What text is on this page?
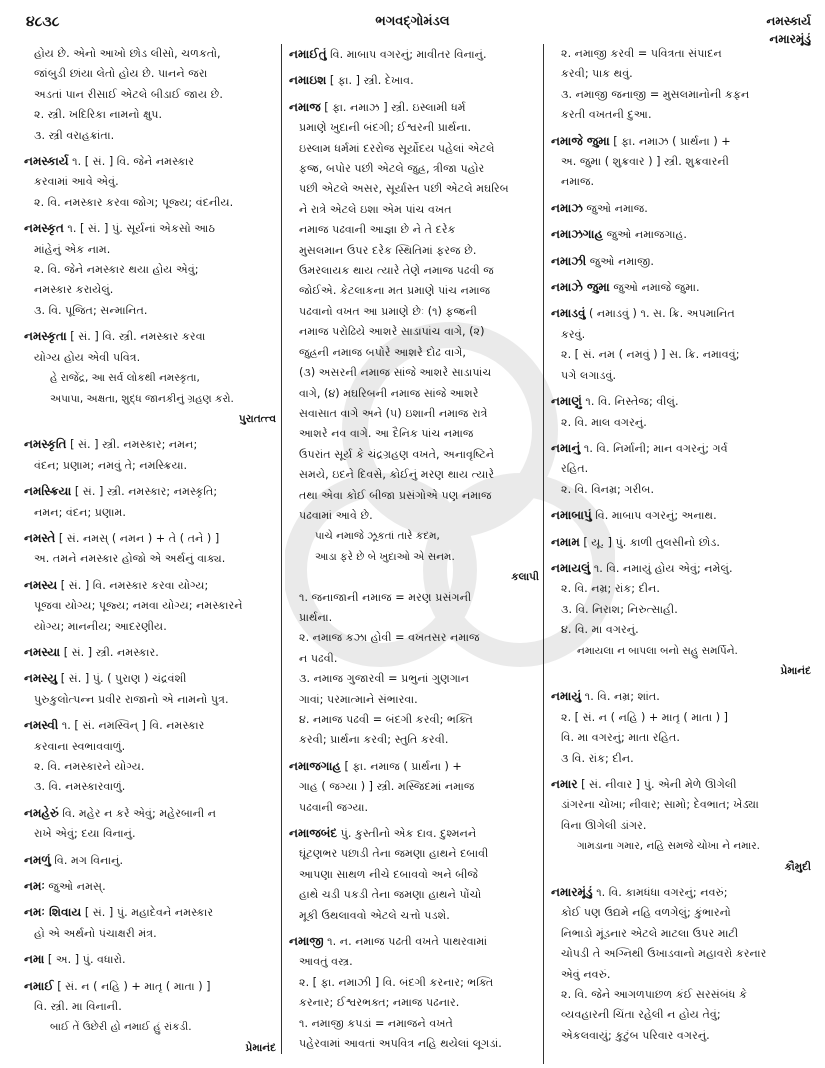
૪૮૩૮	ભગવદ્ગોમંડલ	નમસ્કાર્ય
નમારમૂંડું
હોય છે. એનો આખો છોડ લીસો, ચળકતો,
જાંબુડી છાંયા લેતો હોય છે. પાનને જરા
અડતાં પાન રીસાઈ એટલે બીડાઈ જાય છે.
૨. સ્ત્રી. ખદિરિકા નામનો ક્ષુપ.
૩. સ્ત્રી વરાહક્રાંતા.
નમસ્કાર્ય ૧. [ સં. ] વિ. જેને નમસ્કાર
કરવામાં આવે એવું.
૨. વિ. નમસ્કાર કરવા જોગ; પૂજ્ય; વંદનીય.
નમસ્કૃત ૧. [ સં. ] પું. સૂર્યનાં એકસો આઠ
માંહેનું એક નામ.
૨. વિ. જેને નમસ્કાર થયા હોય એવું;
નમસ્કાર કરાયેલું.
૩. વિ. પૂજિત; સન્માનિત.
નમસ્કૃતા [ સં. ] વિ. સ્ત્રી. નમસ્કાર કરવા
યોગ્ય હોય એવી પવિત્ર.
હે રાજેંદ્ર, આ સર્વ લોકથી નમસ્કૃતા,
અપાપા, અક્ષતા, શુદ્ધ જાનકીનું ગ્રહણ કરો.
પુરાતત્ત્વ
નમસ્કૃતિ [ સં. ] સ્ત્રી. નમસ્કાર; નમન;
વંદન; પ્રણામ; નમવું તે; નમસ્ક્રિયા.
નમસ્ક્રિયા [ સં. ] સ્ત્રી. નમસ્કાર; નમસ્કૃતિ;
નમન; વંદન; પ્રણામ.
નમસ્તે [ સં. નમસ્ ( નમન ) + તે ( તને ) ]
અ. તમને નમસ્કાર હોજો એ અર્થનું વાક્ય.
નમસ્ય [ સં. ] વિ. નમસ્કાર કરવા યોગ્ય;
પૂજવા યોગ્ય; પૂજ્ય; નમવા યોગ્ય; નમસ્કારને
યોગ્ય; માનનીય; આદરણીય.
નમસ્યા [ સં. ] સ્ત્રી. નમસ્કાર.
નમસ્યુ [ સં. ] પું. ( પુરાણ ) ચંદ્રવંશી
પુરુકુલોત્પન્ન પ્રવીર રાજાનો એ નામનો પુત્ર.
નમસ્વી ૧. [ સં. નમસ્વિન્ ] વિ. નમસ્કાર
કરવાના સ્વભાવવાળું.
૨. વિ. નમસ્કારને યોગ્ય.
૩. વિ. નમસ્કારવાળું.
નમહેરું વિ. મહેર ન કરે એવું; મહેરબાની ન
રાખે એવું; દયા વિનાનું.
નમળું વિ. મગ વિનાનું.
નમઃ જુઓ નમસ્.
નમઃ શિવાય [ સં. ] પું. મહાદેવને નમસ્કાર
હો એ અર્થનો પંચાક્ષરી મંત્ર.
નમા [ અ. ] પું. વધારો.
નમાઈ [ સં. ન ( નહિ ) + માતૃ ( માતા ) ]
વિ. સ્ત્રી. મા વિનાની.
બાઈ તેં ઉછેરી હો નમાઈ હું રાંકડી.
પ્રેમાનંદ
નમાઈતું વિ. માબાપ વગરનું; માવીતર વિનાનું.
નમાઇશ [ ફા. ] સ્ત્રી. દેખાવ.
નમાજ [ ફા. નમાઝ ] સ્ત્રી. ઇસ્લામી ધર્મ
પ્રમાણે ખુદાની બંદગી; ઈશ્વરની પ્રાર્થના.
ઇસ્લામ ધર્મમાં દરરોજ સૂર્યોદય પહેલાં એટલે
ફજ્ર, બપોર પછી એટલે જુહ્ર, ત્રીજા પહોર
પછી એટલે અસર, સૂર્યાસ્ત પછી એટલે મઘરિબ
ને રાત્રે એટલે ઇશા એમ પાંચ વખત
નમાજ પઢવાની આજ્ઞા છે ને તે દરેક
મુસલમાન ઉપર દરેક સ્થિતિમાં ફરજ છે.
ઉમરલાયક થાય ત્યારે તેણે નમાજ પઢવી જ
જોઈએ. કેટલાકના મત પ્રમાણે પાંચ નમાજ
પઢવાનો વખત આ પ્રમાણે છેઃ (૧) ફજ્રની
નમાજ પરોઢિયે આશરે સાડાપાંચ વાગે, (૨)
જુહ્રની નમાજ બપોરે આશરે દોઢ વાગે,
(૩) અસરની નમાજ સાંજે આશરે સાડાપાંચ
વાગે, (૪) મઘરિબની નમાજ સાંજે આશરે
સવાસાત વાગે અને (૫) ઇશાની નમાજ રાત્રે
આશરે નવ વાગે. આ દૈનિક પાંચ નમાજ
ઉપરાંત સૂર્ય કે ચંદ્રગ્રહણ વખતે, અનાવૃષ્ટિને
સમયે, ઇદને દિવસે, કોઈનું મરણ થાય ત્યારે
તથા એવા કોઈ બીજા પ્રસંગોએ પણ નમાજ
પઢવામાં આવે છે.
પાચે નમાજે ઝૂકતાં તારે કદમ,
આડા ફરે છે બે ખુદાઓ એ સનમ.
કલાપી
૧. જનાજાની નમાજ = મરણ પ્રસંગની
પ્રાર્થના.
૨. નમાજ કઝા હોવી = વખતસર નમાજ
ન પઢવી.
૩. નમાજ ગુજારવી = પ્રભુનાં ગુણગાન
ગાવાં; પરમાત્માને સંભારવા.
૪. નમાજ પઢવી = બંદગી કરવી; ભક્તિ
કરવી; પ્રાર્થના કરવી; સ્તુતિ કરવી.
નમાજગાહ [ ફા. નમાજ ( પ્રાર્થના ) +
ગાહ ( જગ્યા ) ] સ્ત્રી. મસ્જિદમાં નમાજ
પઢવાની જગ્યા.
નમાજબંદ પું. કુસ્તીનો એક દાવ. દુશ્મનને
ઘૂંટણભર પછાડી તેના જમણા હાથને દબાવી
આપણા સાથળ નીચે દબાવવો અને બીજે
હાથે ચડી પકડી તેના જમણા હાથને પોંચો
મૂકી ઉથલાવવો એટલે ચત્તો પડશે.
નમાજી ૧. ન. નમાજ પઢતી વખતે પાથરવામાં
આવતું વસ્ત્ર.
૨. [ ફા. નમાઝી ] વિ. બંદગી કરનાર; ભક્તિ
કરનાર; ઈશ્વરભક્ત; નમાજ પઢનાર.
૧. નમાજી કપડાં = નમાજને વખતે
પહેરવામાં આવતાં અપવિત્ર નહિ થયેલાં લૂગડાં.
૨. નમાજી કરવી = પવિત્રતા સંપાદન
કરવી; પાક થવું.
૩. નમાજી જનાજી = મુસલમાનોની કફન
કરતી વખતની દુઆ.
નમાજે જુમા [ ફા. નમાઝ ( પ્રાર્થના ) +
અ. જુમા ( શુક્રવાર ) ] સ્ત્રી. શુક્રવારની
નમાજ.
નમાઝ જુઓ નમાજ.
નમાઝગાહ જુઓ નમાજગાહ.
નમાઝી જુઓ નમાજી.
નમાઝે જુમા જુઓ નમાજે જુમા.
નમાડવું ( નમાડવું ) ૧. સ. ક્રિ. અપમાનિત
કરવું.
૨. [ સં. નમ ( નમવું ) ] સ. ક્રિ. નમાવવું;
પગે લગાડવું.
નમાણું ૧. વિ. નિસ્તેજ; વીલું.
૨. વિ. માલ વગરનું.
નમાનું ૧. વિ. નિર્માની; માન વગરનું; ગર્વ
રહિત.
૨. વિ. વિનમ્ર; ગરીબ.
નમાબાપું વિ. માબાપ વગરનું; અનાથ.
નમામ [ યૂ. ] પું. કાળી તુલસીનો છોડ.
નમાયલું ૧. વિ. નમાયું હોય એવું; નમેલું.
૨. વિ. નમ્ર; રાંક; દીન.
૩. વિ. નિરાશ; નિરુત્સાહી.
૪. વિ. મા વગરનું.
નમાયલા ન બાપલા બનો સહુ સમર્પિને.
પ્રેમાનંદ
નમાયું ૧. વિ. નમ્ર; શાંત.
૨. [ સં. ન ( નહિ ) + માતૃ ( માતા ) ]
વિ. મા વગરનું; માતા રહિત.
૩ વિ. રાંક; દીન.
નમાર [ સં. નીવાર ] પું. એની મેળે ઊગેલી
ડાંગરના ચોખા; નીવાર; સામો; દેવભાત; ખેડ્યા
વિના ઊગેલી ડાંગર.
ગામડાના ગમાર, નહિ સમજે ચોખા ને નમાર.
કૌમુદી
નમારમૂંડું ૧. વિ. કામધંધા વગરનું; નવરું;
કોઈ પણ ઉદ્યમે નહિ વળગેલું; કુંભારનો
નિભાડો મૂંડનાર એટલે માટલા ઉપર માટી
ચોપડી તે અગ્નિથી ઉખાડવાનો મહાવરો કરનાર
એવું નવરું.
૨. વિ. જેને આગળપાછળ કંઈ સરસંબંધ કે
વ્યવહારની ચિંતા રહેલી ન હોય તેવું;
એકલવાયું; કુટુંબ પરિવાર વગરનું.
